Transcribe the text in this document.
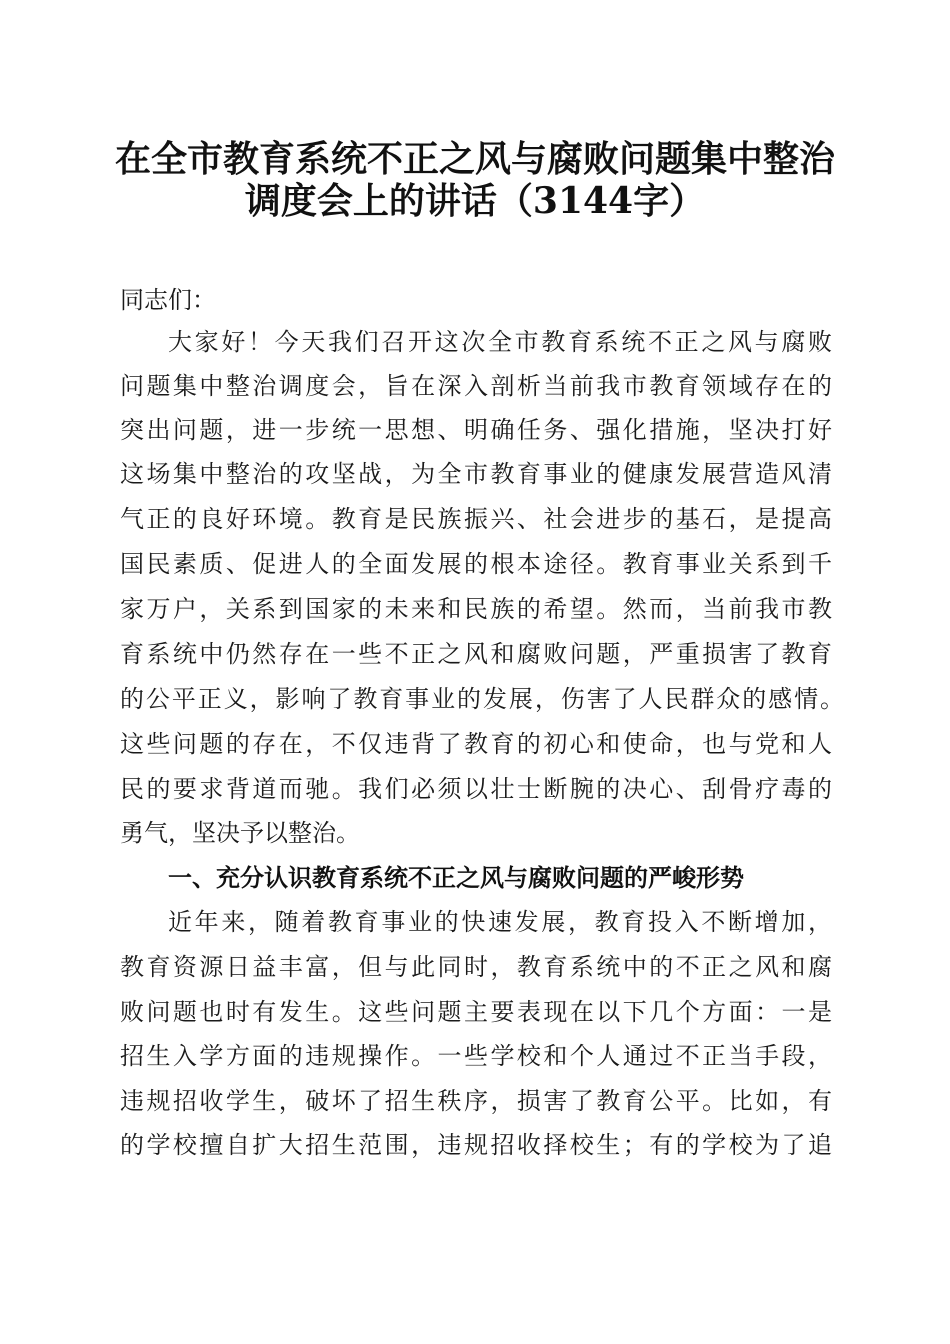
在全市教育系统不正之风与腐败问题集中整治
调度会上的讲话（3144字）
同志们：
大家好！今天我们召开这次全市教育系统不正之风与腐败
问题集中整治调度会，旨在深入剖析当前我市教育领域存在的
突出问题，进一步统一思想、明确任务、强化措施，坚决打好
这场集中整治的攻坚战，为全市教育事业的健康发展营造风清
气正的良好环境。教育是民族振兴、社会进步的基石，是提高
国民素质、促进人的全面发展的根本途径。教育事业关系到千
家万户，关系到国家的未来和民族的希望。然而，当前我市教
育系统中仍然存在一些不正之风和腐败问题，严重损害了教育
的公平正义，影响了教育事业的发展，伤害了人民群众的感情。
这些问题的存在，不仅违背了教育的初心和使命，也与党和人
民的要求背道而驰。我们必须以壮士断腕的决心、刮骨疗毒的
勇气，坚决予以整治。
一、充分认识教育系统不正之风与腐败问题的严峻形势
近年来，随着教育事业的快速发展，教育投入不断增加，
教育资源日益丰富，但与此同时，教育系统中的不正之风和腐
败问题也时有发生。这些问题主要表现在以下几个方面：一是
招生入学方面的违规操作。一些学校和个人通过不正当手段，
违规招收学生，破坏了招生秩序，损害了教育公平。比如，有
的学校擅自扩大招生范围，违规招收择校生；有的学校为了追
